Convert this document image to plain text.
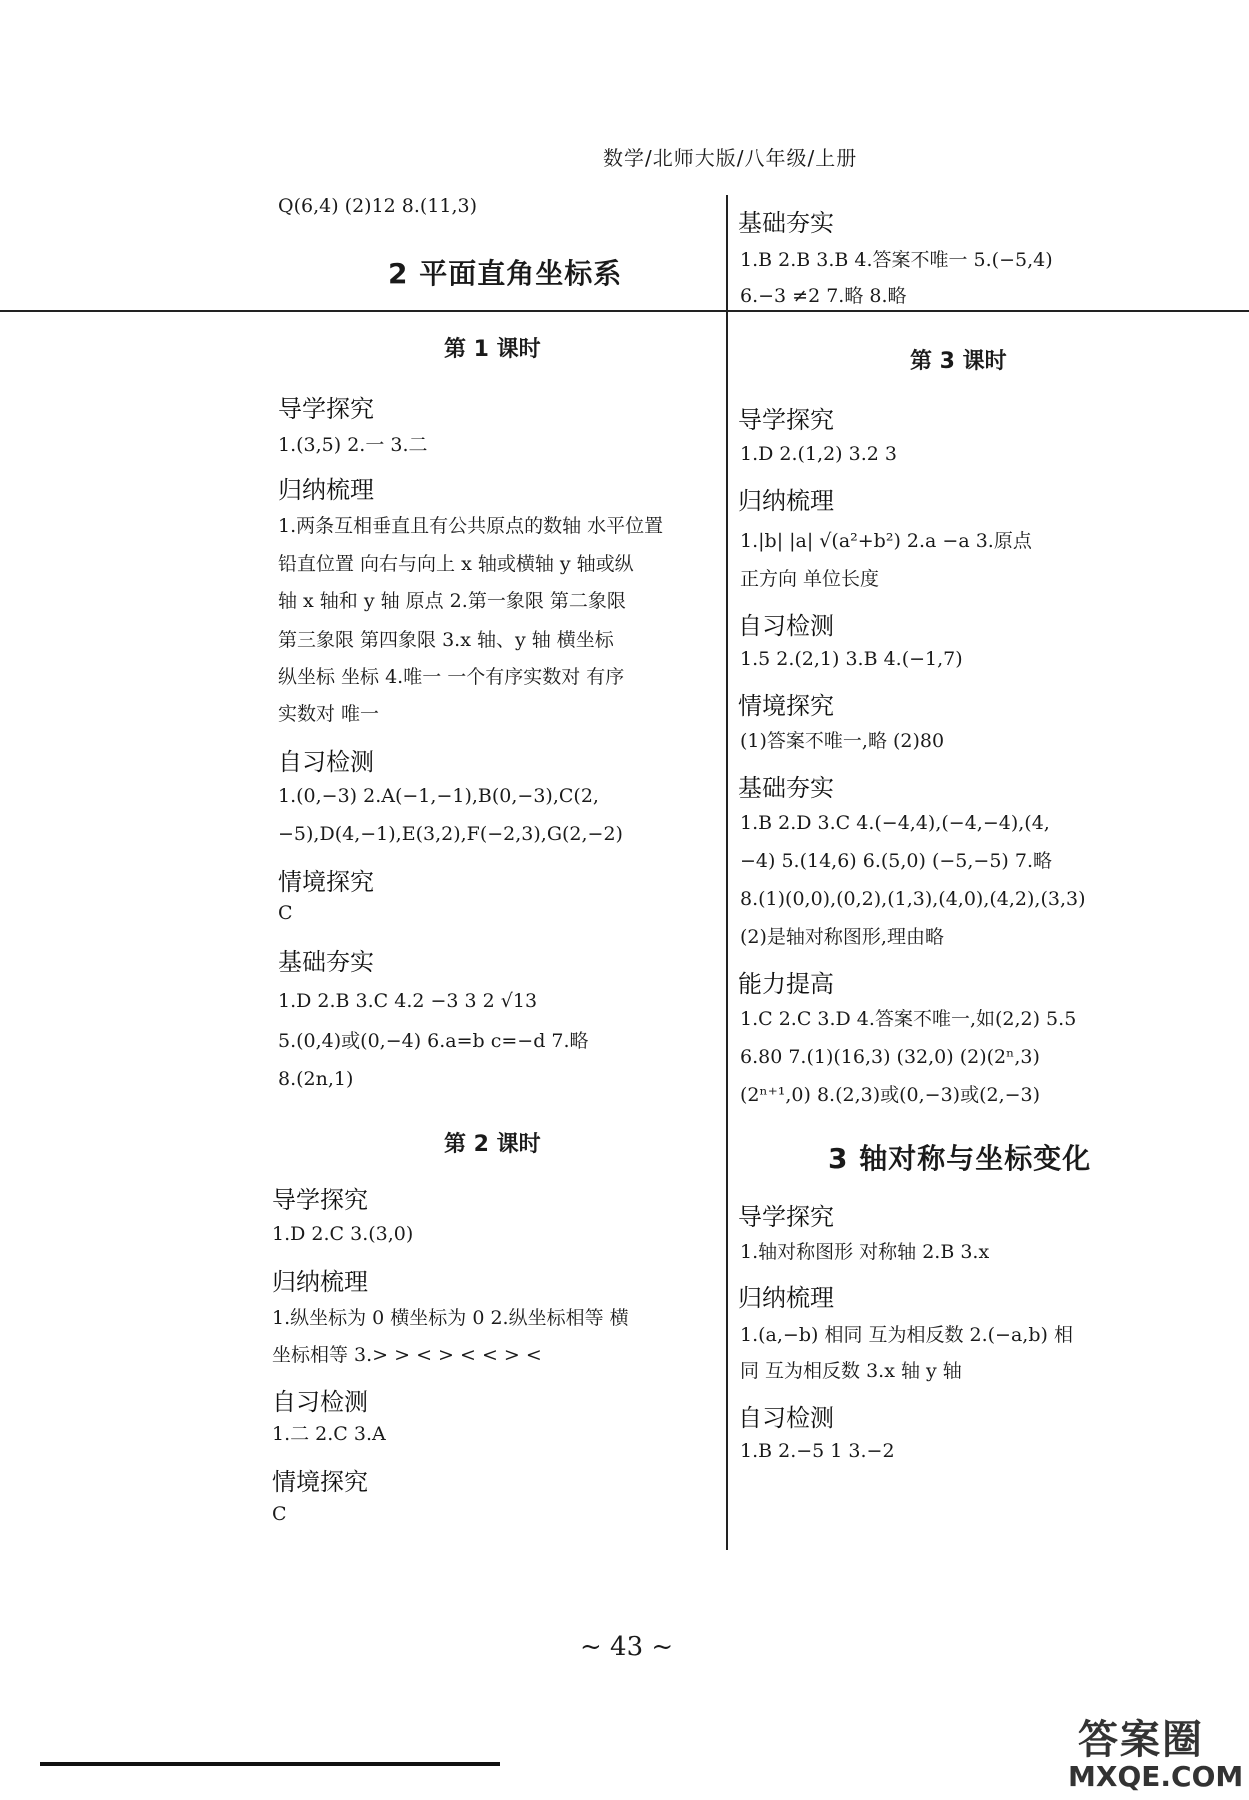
数学/北师大版/八年级/上册
Q(6,4) (2)12 8.(11,3)
2 平面直角坐标系
第 1 课时
导学探究
1.(3,5) 2.一 3.二
归纳梳理
1.两条互相垂直且有公共原点的数轴 水平位置
铅直位置 向右与向上 x 轴或横轴 y 轴或纵
轴 x 轴和 y 轴 原点 2.第一象限 第二象限
第三象限 第四象限 3.x 轴、y 轴 横坐标
纵坐标 坐标 4.唯一 一个有序实数对 有序
实数对 唯一
自习检测
1.(0,−3) 2.A(−1,−1),B(0,−3),C(2,
−5),D(4,−1),E(3,2),F(−2,3),G(2,−2)
情境探究
C
基础夯实
1.D 2.B 3.C 4.2 −3 3 2 √13
5.(0,4)或(0,−4) 6.a=b c=−d 7.略
8.(2n,1)
第 2 课时
导学探究
1.D 2.C 3.(3,0)
归纳梳理
1.纵坐标为 0 横坐标为 0 2.纵坐标相等 横
坐标相等 3.> > < > < < > <
自习检测
1.二 2.C 3.A
情境探究
C
基础夯实
1.B 2.B 3.B 4.答案不唯一 5.(−5,4)
6.−3 ≠2 7.略 8.略
第 3 课时
导学探究
1.D 2.(1,2) 3.2 3
归纳梳理
1.|b| |a| √(a²+b²) 2.a −a 3.原点
正方向 单位长度
自习检测
1.5 2.(2,1) 3.B 4.(−1,7)
情境探究
(1)答案不唯一,略 (2)80
基础夯实
1.B 2.D 3.C 4.(−4,4),(−4,−4),(4,
−4) 5.(14,6) 6.(5,0) (−5,−5) 7.略
8.(1)(0,0),(0,2),(1,3),(4,0),(4,2),(3,3)
(2)是轴对称图形,理由略
能力提高
1.C 2.C 3.D 4.答案不唯一,如(2,2) 5.5
6.80 7.(1)(16,3) (32,0) (2)(2ⁿ,3)
(2ⁿ⁺¹,0) 8.(2,3)或(0,−3)或(2,−3)
3 轴对称与坐标变化
导学探究
1.轴对称图形 对称轴 2.B 3.x
归纳梳理
1.(a,−b) 相同 互为相反数 2.(−a,b) 相
同 互为相反数 3.x 轴 y 轴
自习检测
1.B 2.−5 1 3.−2
~ 43 ~
答案圈
MXQE.COM
